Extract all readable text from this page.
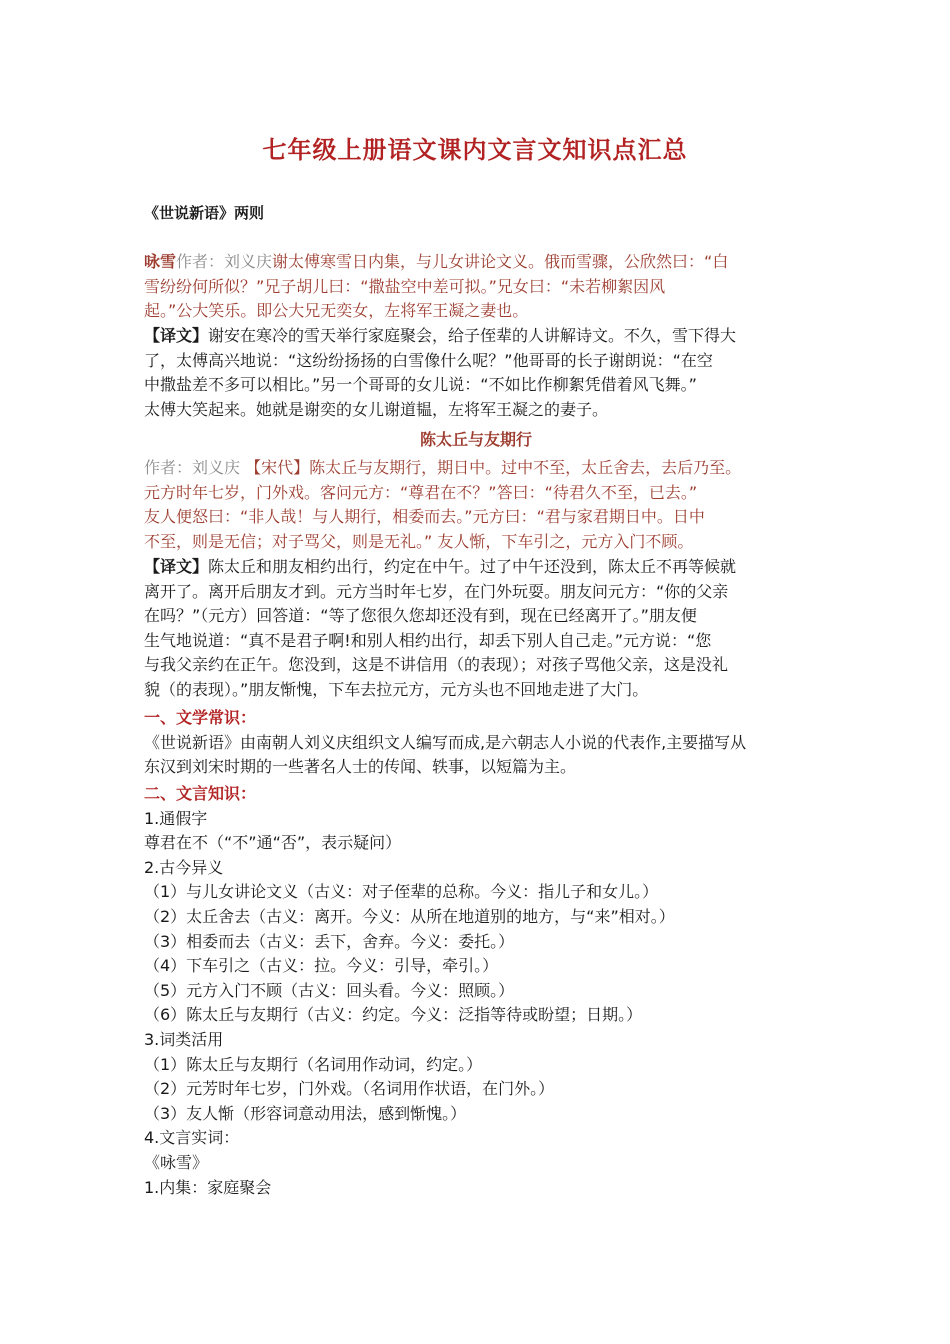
七年级上册语文课内文言文知识点汇总
《世说新语》两则
咏雪作者：刘义庆谢太傅寒雪日内集，与儿女讲论文义。俄而雪骤，公欣然曰：“白
雪纷纷何所似？”兄子胡儿曰：“撒盐空中差可拟。”兄女曰：“未若柳絮因风
起。”公大笑乐。即公大兄无奕女，左将军王凝之妻也。
【译文】谢安在寒冷的雪天举行家庭聚会，给子侄辈的人讲解诗文。不久，雪下得大
了，太傅高兴地说：“这纷纷扬扬的白雪像什么呢？”他哥哥的长子谢朗说：“在空
中撒盐差不多可以相比。”另一个哥哥的女儿说：“不如比作柳絮凭借着风飞舞。”
太傅大笑起来。她就是谢奕的女儿谢道韫，左将军王凝之的妻子。
陈太丘与友期行
作者：刘义庆 【宋代】陈太丘与友期行，期日中。过中不至，太丘舍去，去后乃至。
元方时年七岁，门外戏。客问元方：“尊君在不？”答曰：“待君久不至，已去。”
友人便怒曰：“非人哉！与人期行，相委而去。”元方曰：“君与家君期日中。日中
不至，则是无信；对子骂父，则是无礼。” 友人惭，下车引之，元方入门不顾。
【译文】陈太丘和朋友相约出行，约定在中午。过了中午还没到，陈太丘不再等候就
离开了。离开后朋友才到。元方当时年七岁，在门外玩耍。朋友问元方：“你的父亲
在吗？”（元方）回答道：“等了您很久您却还没有到，现在已经离开了。”朋友便
生气地说道：“真不是君子啊!和别人相约出行，却丢下别人自己走。”元方说：“您
与我父亲约在正午。您没到，这是不讲信用（的表现）；对孩子骂他父亲，这是没礼
貌（的表现）。”朋友惭愧，下车去拉元方，元方头也不回地走进了大门。
一、文学常识：
《世说新语》由南朝人刘义庆组织文人编写而成,是六朝志人小说的代表作,主要描写从
东汉到刘宋时期的一些著名人士的传闻、轶事，以短篇为主。
二、文言知识：
1.通假字
尊君在不（“不”通“否”，表示疑问）
2.古今异义
（1）与儿女讲论文义（古义：对子侄辈的总称。今义：指儿子和女儿。）
（2）太丘舍去（古义：离开。今义：从所在地道别的地方，与“来”相对。）
（3）相委而去（古义：丢下，舍弃。今义：委托。）
（4）下车引之（古义：拉。今义：引导，牵引。）
（5）元方入门不顾（古义：回头看。今义：照顾。）
（6）陈太丘与友期行（古义：约定。今义：泛指等待或盼望；日期。）
3.词类活用
（1）陈太丘与友期行（名词用作动词，约定。）
（2）元芳时年七岁，门外戏。（名词用作状语，在门外。）
（3）友人惭（形容词意动用法，感到惭愧。）
4.文言实词：
《咏雪》
1.内集：家庭聚会
